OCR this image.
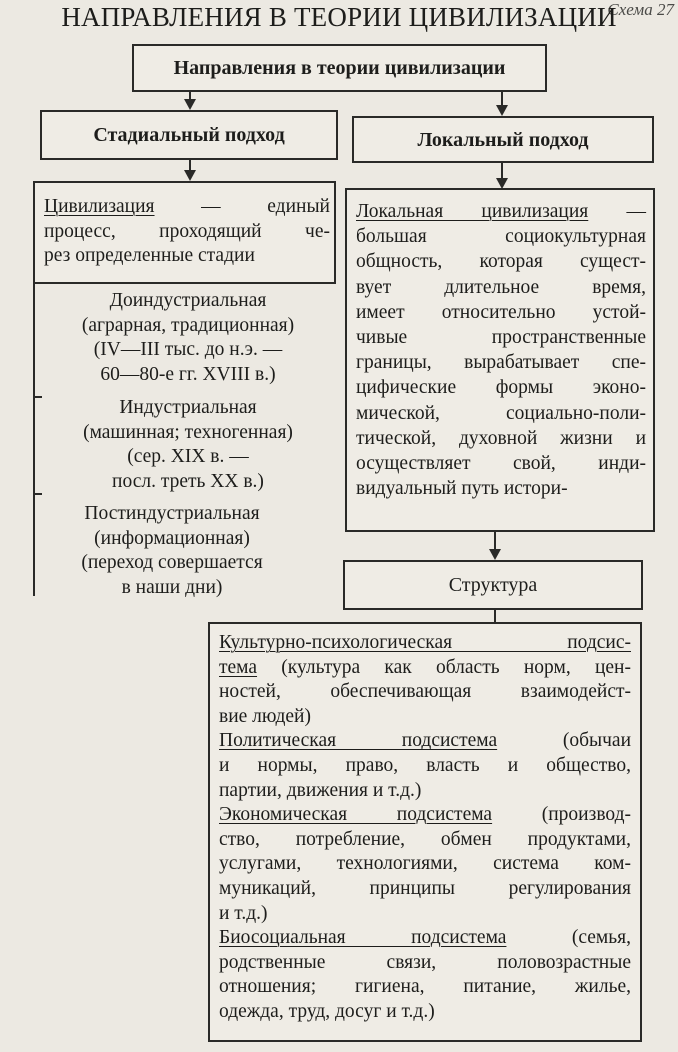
Схема 27
НАПРАВЛЕНИЯ В ТЕОРИИ ЦИВИЛИЗАЦИИ
Направления в теории цивилизации
Стадиальный подход	Локальный подход
Цивилизация — единый
процесс, проходящий че-
рез определенные стадии
Доиндустриальная
(аграрная, традиционная)
(IV—III тыс. до н.э. —
60—80-е гг. XVIII в.)
Индустриальная
(машинная; техногенная)
(сер. XIX в. —
посл. треть XX в.)
Постиндустриальная
(информационная)
(переход совершается
в наши дни)
Локальная цивилизация —
большая социокультурная
общность, которая сущест-
вует длительное время,
имеет относительно устой-
чивые пространственные
границы, вырабатывает спе-
цифические формы эконо-
мической, социально-поли-
тической, духовной жизни и
осуществляет свой, инди-
видуальный путь истори-
Структура
Культурно-психологическая подсис-
тема (культура как область норм, цен-
ностей, обеспечивающая взаимодейст-
вие людей)
Политическая подсистема (обычаи
и нормы, право, власть и общество,
партии, движения и т.д.)
Экономическая подсистема (производ-
ство, потребление, обмен продуктами,
услугами, технологиями, система ком-
муникаций, принципы регулирования
и т.д.)
Биосоциальная подсистема (семья,
родственные связи, половозрастные
отношения; гигиена, питание, жилье,
одежда, труд, досуг и т.д.)
